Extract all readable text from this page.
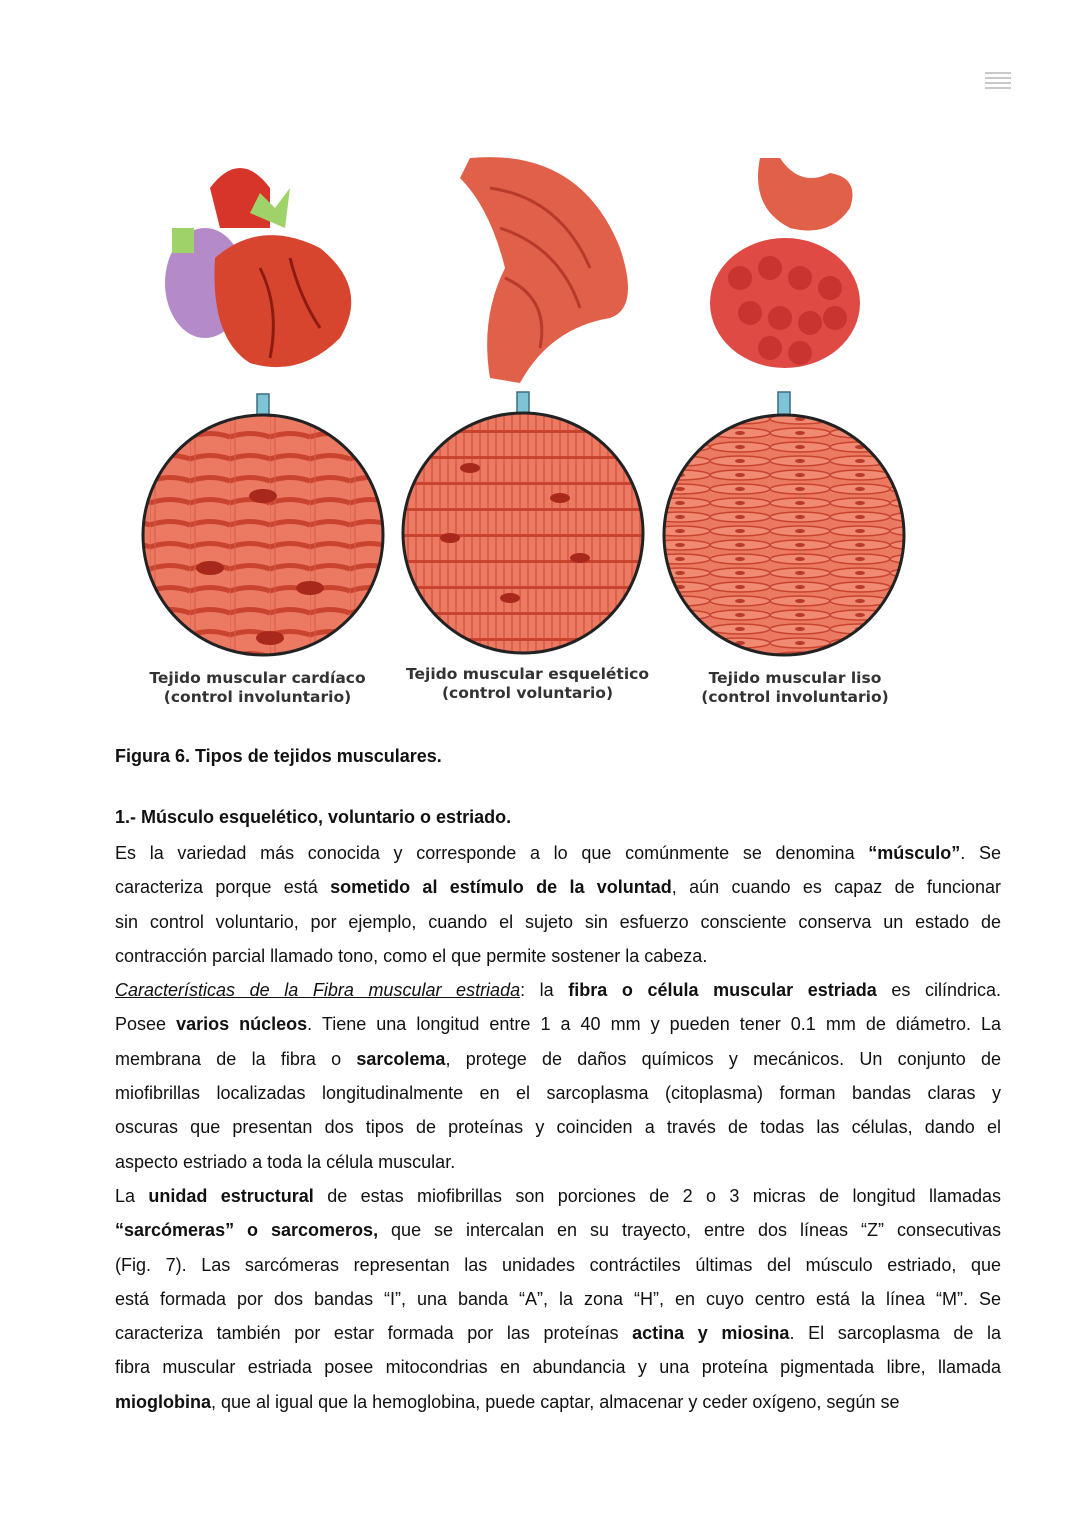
Tejido muscular cardíaco
(control involuntario)
Tejido muscular esquelético
(control voluntario)
Tejido muscular liso
(control involuntario)
Figura 6. Tipos de tejidos musculares.
1.- Músculo esquelético, voluntario o estriado.
Es la variedad más conocida y corresponde a lo que comúnmente se denomina “músculo”. Se
caracteriza porque está sometido al estímulo de la voluntad, aún cuando es capaz de funcionar
sin control voluntario, por ejemplo, cuando el sujeto sin esfuerzo consciente conserva un estado de
contracción parcial llamado tono, como el que permite sostener la cabeza.
Características de la Fibra muscular estriada: la fibra o célula muscular estriada es cilíndrica.
Posee varios núcleos. Tiene una longitud entre 1 a 40 mm y pueden tener 0.1 mm de diámetro. La
membrana de la fibra o sarcolema, protege de daños químicos y mecánicos. Un conjunto de
miofibrillas localizadas longitudinalmente en el sarcoplasma (citoplasma) forman bandas claras y
oscuras que presentan dos tipos de proteínas y coinciden a través de todas las células, dando el
aspecto estriado a toda la célula muscular.
La unidad estructural de estas miofibrillas son porciones de 2 o 3 micras de longitud llamadas
“sarcómeras” o sarcomeros, que se intercalan en su trayecto, entre dos líneas “Z” consecutivas
(Fig. 7). Las sarcómeras representan las unidades contráctiles últimas del músculo estriado, que
está formada por dos bandas “I”, una banda “A”, la zona “H”, en cuyo centro está la línea “M”. Se
caracteriza también por estar formada por las proteínas actina y miosina. El sarcoplasma de la
fibra muscular estriada posee mitocondrias en abundancia y una proteína pigmentada libre, llamada
mioglobina, que al igual que la hemoglobina, puede captar, almacenar y ceder oxígeno, según se
